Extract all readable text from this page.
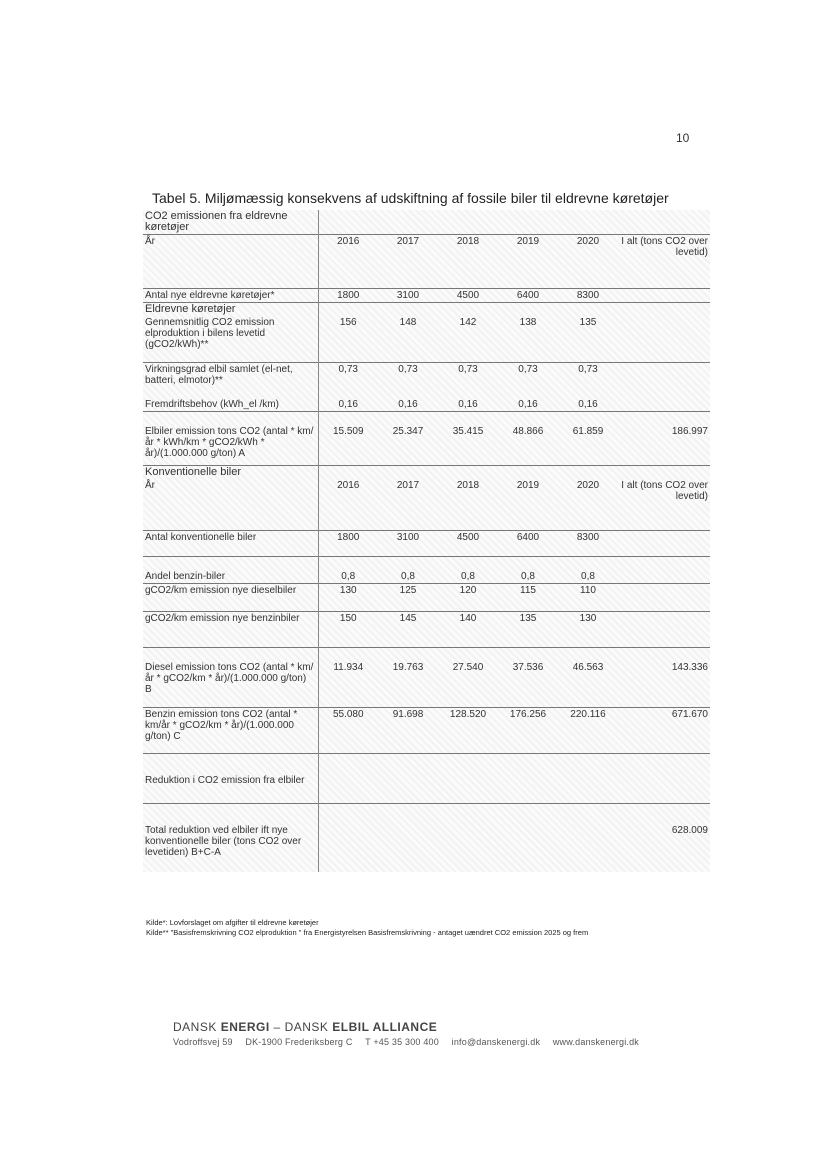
10
Tabel 5. Miljømæssig konsekvens af udskiftning af fossile biler til eldrevne køretøjer
CO2 emissionen fra eldrevne køretøjer						
År	2016	2017	2018	2019	2020	I alt (tons CO2 over levetid)
Antal nye eldrevne køretøjer*	1800	3100	4500	6400	8300	
Eldrevne køretøjer						
Gennemsnitlig CO2 emission elproduktion i bilens levetid (gCO2/kWh)**	156	148	142	138	135	
Virkningsgrad elbil samlet (el-net, batteri, elmotor)**	0,73	0,73	0,73	0,73	0,73	
Fremdriftsbehov (kWh_el /km)	0,16	0,16	0,16	0,16	0,16	

Elbiler emission tons CO2 (antal * km/år * kWh/km * gCO2/kWh * år)/(1.000.000 g/ton) A	15.509	25.347	35.415	48.866	61.859	186.997
Konventionelle biler						
År	2016	2017	2018	2019	2020	I alt (tons CO2 over levetid)
Antal konventionelle biler	1800	3100	4500	6400	8300	

Andel benzin-biler	0,8	0,8	0,8	0,8	0,8	
gCO2/km emission nye dieselbiler	130	125	120	115	110	
gCO2/km emission nye benzinbiler	150	145	140	135	130	

Diesel emission tons CO2 (antal * km/år * gCO2/km * år)/(1.000.000 g/ton) B	11.934	19.763	27.540	37.536	46.563	143.336
Benzin emission tons CO2 (antal * km/år * gCO2/km * år)/(1.000.000 g/ton) C	55.080	91.698	128.520	176.256	220.116	671.670

Reduktion i CO2 emission fra elbiler						

Total reduktion ved elbiler ift nye konventionelle biler (tons CO2 over levetiden) B+C-A						628.009
Kilde*: Lovforslaget om afgifter til eldrevne køretøjer
Kilde** "Basisfremskrivning CO2 elproduktion " fra Energistyrelsen Basisfremskrivning - antaget uændret CO2 emission 2025 og frem
DANSK ENERGI – DANSK ELBIL ALLIANCE
Vodroffsvej 59 DK-1900 Frederiksberg C T +45 35 300 400 info@danskenergi.dk www.danskenergi.dk
